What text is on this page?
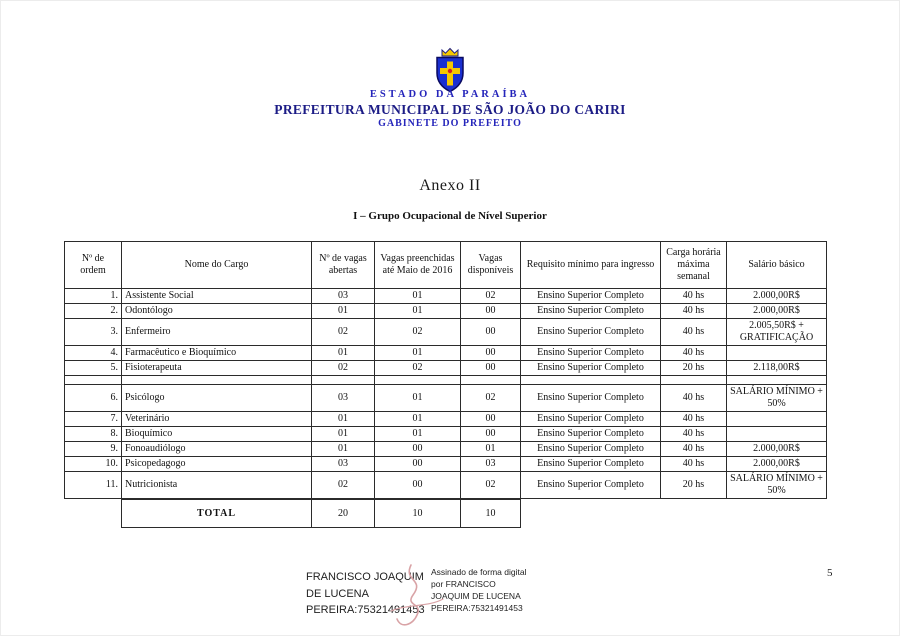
ESTADO DA PARAÍBA
PREFEITURA MUNICIPAL DE SÃO JOÃO DO CARIRI
GABINETE DO PREFEITO
Anexo II
I – Grupo Ocupacional de Nível Superior
Nº de ordem	Nome do Cargo	Nº de vagas abertas	Vagas preenchidas até Maio de 2016	Vagas disponíveis	Requisito mínimo para ingresso	Carga horária máxima semanal	Salário básico
1.	Assistente Social	03	01	02	Ensino Superior Completo	40 hs	2.000,00R$
2.	Odontólogo	01	01	00	Ensino Superior Completo	40 hs	2.000,00R$
3.	Enfermeiro	02	02	00	Ensino Superior Completo	40 hs	2.005,50R$ + GRATIFICAÇÃO
4.	Farmacêutico e Bioquímico	01	01	00	Ensino Superior Completo	40 hs	
5.	Fisioterapeuta	02	02	00	Ensino Superior Completo	20 hs	2.118,00R$

6.	Psicólogo	03	01	02	Ensino Superior Completo	40 hs	SALÁRIO MÍNIMO + 50%
7.	Veterinário	01	01	00	Ensino Superior Completo	40 hs	
8.	Bioquímico	01	01	00	Ensino Superior Completo	40 hs	
9.	Fonoaudiólogo	01	00	01	Ensino Superior Completo	40 hs	2.000,00R$
10.	Psicopedagogo	03	00	03	Ensino Superior Completo	40 hs	2.000,00R$
11.	Nutricionista	02	00	02	Ensino Superior Completo	20 hs	SALÁRIO MÍNIMO + 50%
TOTAL	20	10	10
FRANCISCO JOAQUIM DE LUCENA PEREIRA:75321491453
Assinado de forma digital por FRANCISCO JOAQUIM DE LUCENA PEREIRA:75321491453
5
